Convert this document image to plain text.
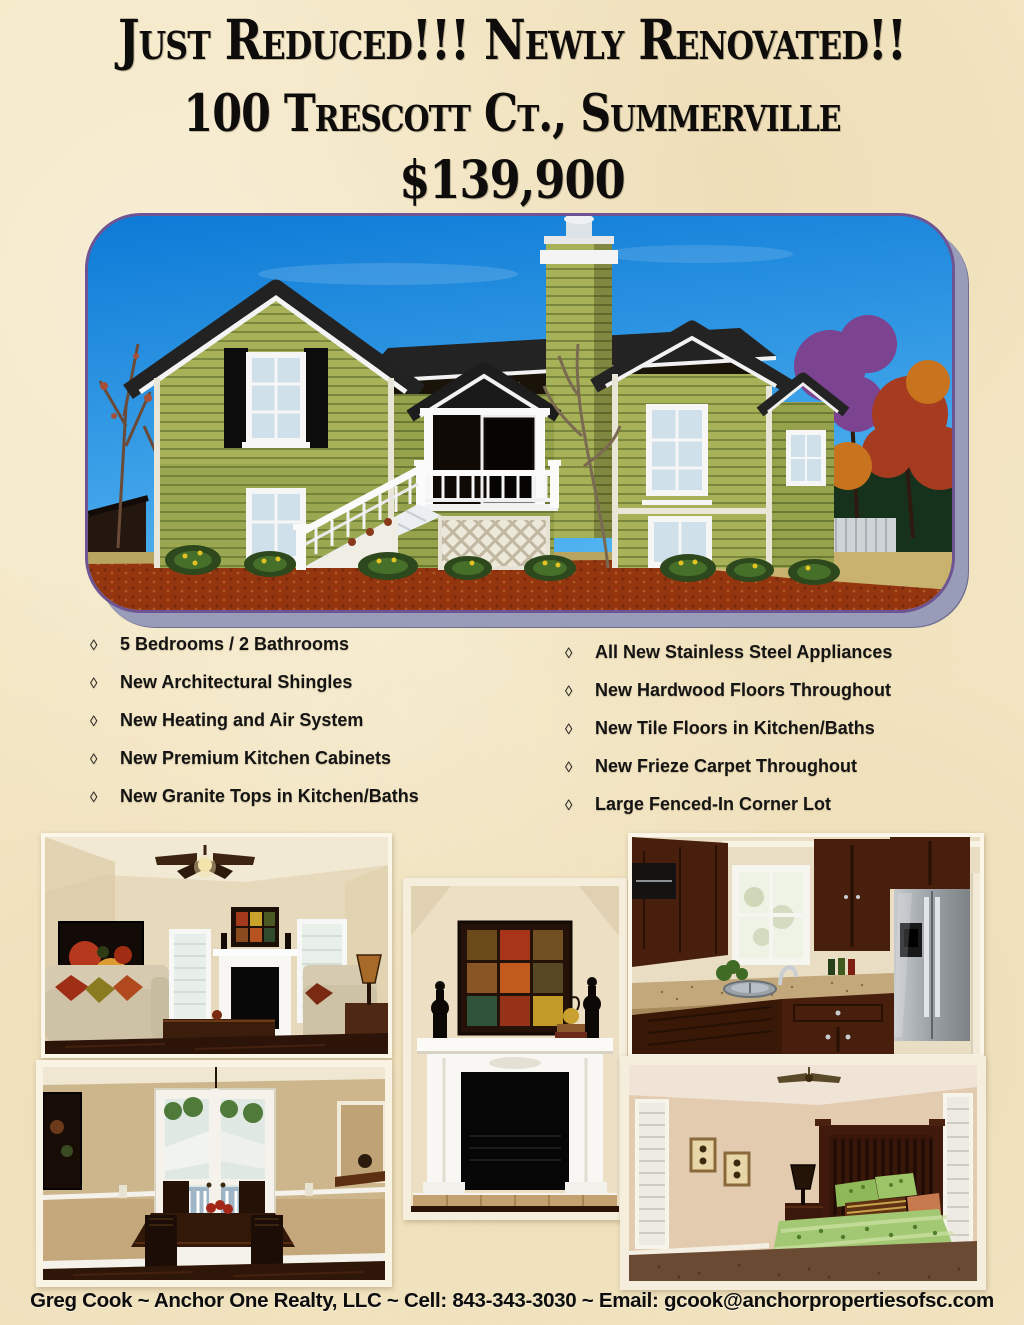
Just Reduced!!! Newly Renovated!!
100 Trescott Ct., Summerville
$139,900
◊	5 Bedrooms / 2 Bathrooms
◊	New Architectural Shingles
◊	New Heating and Air System
◊	New Premium Kitchen Cabinets
◊	New Granite Tops in Kitchen/Baths
◊	All New Stainless Steel Appliances
◊	New Hardwood Floors Throughout
◊	New Tile Floors in Kitchen/Baths
◊	New Frieze Carpet Throughout
◊	Large Fenced-In Corner Lot
Greg Cook ~ Anchor One Realty, LLC ~ Cell: 843-343-3030 ~ Email: gcook@anchorpropertiesofsc.com
